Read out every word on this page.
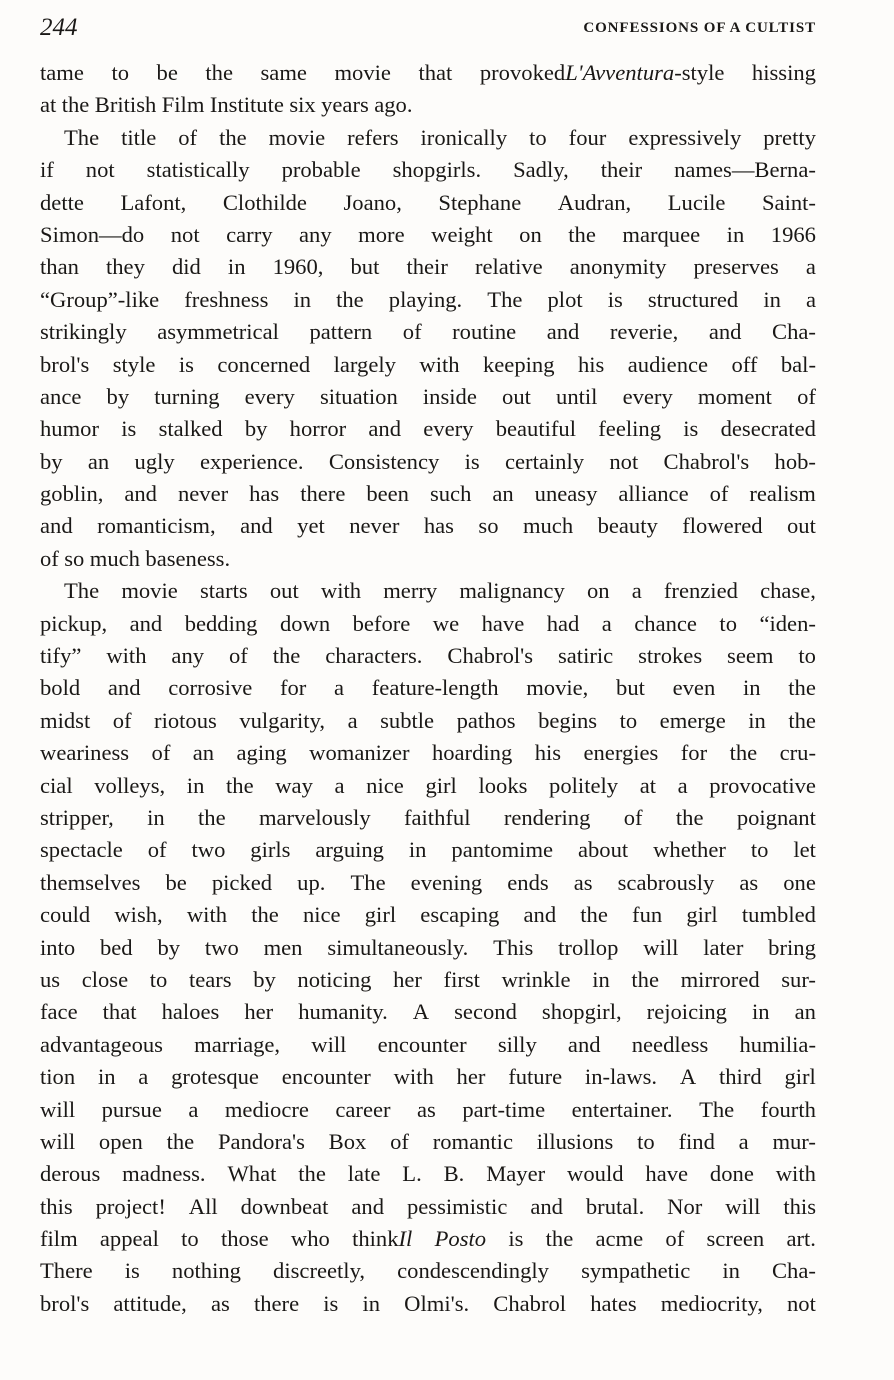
244	CONFESSIONS OF A CULTIST
tame to be the same movie that provokedL'Avventura-style hissing
at the British Film Institute six years ago.
The title of the movie refers ironically to four expressively pretty
if not statistically probable shopgirls. Sadly, their names—Berna-
dette Lafont, Clothilde Joano, Stephane Audran, Lucile Saint-
Simon—do not carry any more weight on the marquee in 1966
than they did in 1960, but their relative anonymity preserves a
“Group”-like freshness in the playing. The plot is structured in a
strikingly asymmetrical pattern of routine and reverie, and Cha-
brol's style is concerned largely with keeping his audience off bal-
ance by turning every situation inside out until every moment of
humor is stalked by horror and every beautiful feeling is desecrated
by an ugly experience. Consistency is certainly not Chabrol's hob-
goblin, and never has there been such an uneasy alliance of realism
and romanticism, and yet never has so much beauty flowered out
of so much baseness.
The movie starts out with merry malignancy on a frenzied chase,
pickup, and bedding down before we have had a chance to “iden-
tify” with any of the characters. Chabrol's satiric strokes seem to
bold and corrosive for a feature-length movie, but even in the
midst of riotous vulgarity, a subtle pathos begins to emerge in the
weariness of an aging womanizer hoarding his energies for the cru-
cial volleys, in the way a nice girl looks politely at a provocative
stripper, in the marvelously faithful rendering of the poignant
spectacle of two girls arguing in pantomime about whether to let
themselves be picked up. The evening ends as scabrously as one
could wish, with the nice girl escaping and the fun girl tumbled
into bed by two men simultaneously. This trollop will later bring
us close to tears by noticing her first wrinkle in the mirrored sur-
face that haloes her humanity. A second shopgirl, rejoicing in an
advantageous marriage, will encounter silly and needless humilia-
tion in a grotesque encounter with her future in-laws. A third girl
will pursue a mediocre career as part-time entertainer. The fourth
will open the Pandora's Box of romantic illusions to find a mur-
derous madness. What the late L. B. Mayer would have done with
this project! All downbeat and pessimistic and brutal. Nor will this
film appeal to those who thinkIl Posto is the acme of screen art.
There is nothing discreetly, condescendingly sympathetic in Cha-
brol's attitude, as there is in Olmi's. Chabrol hates mediocrity, not
